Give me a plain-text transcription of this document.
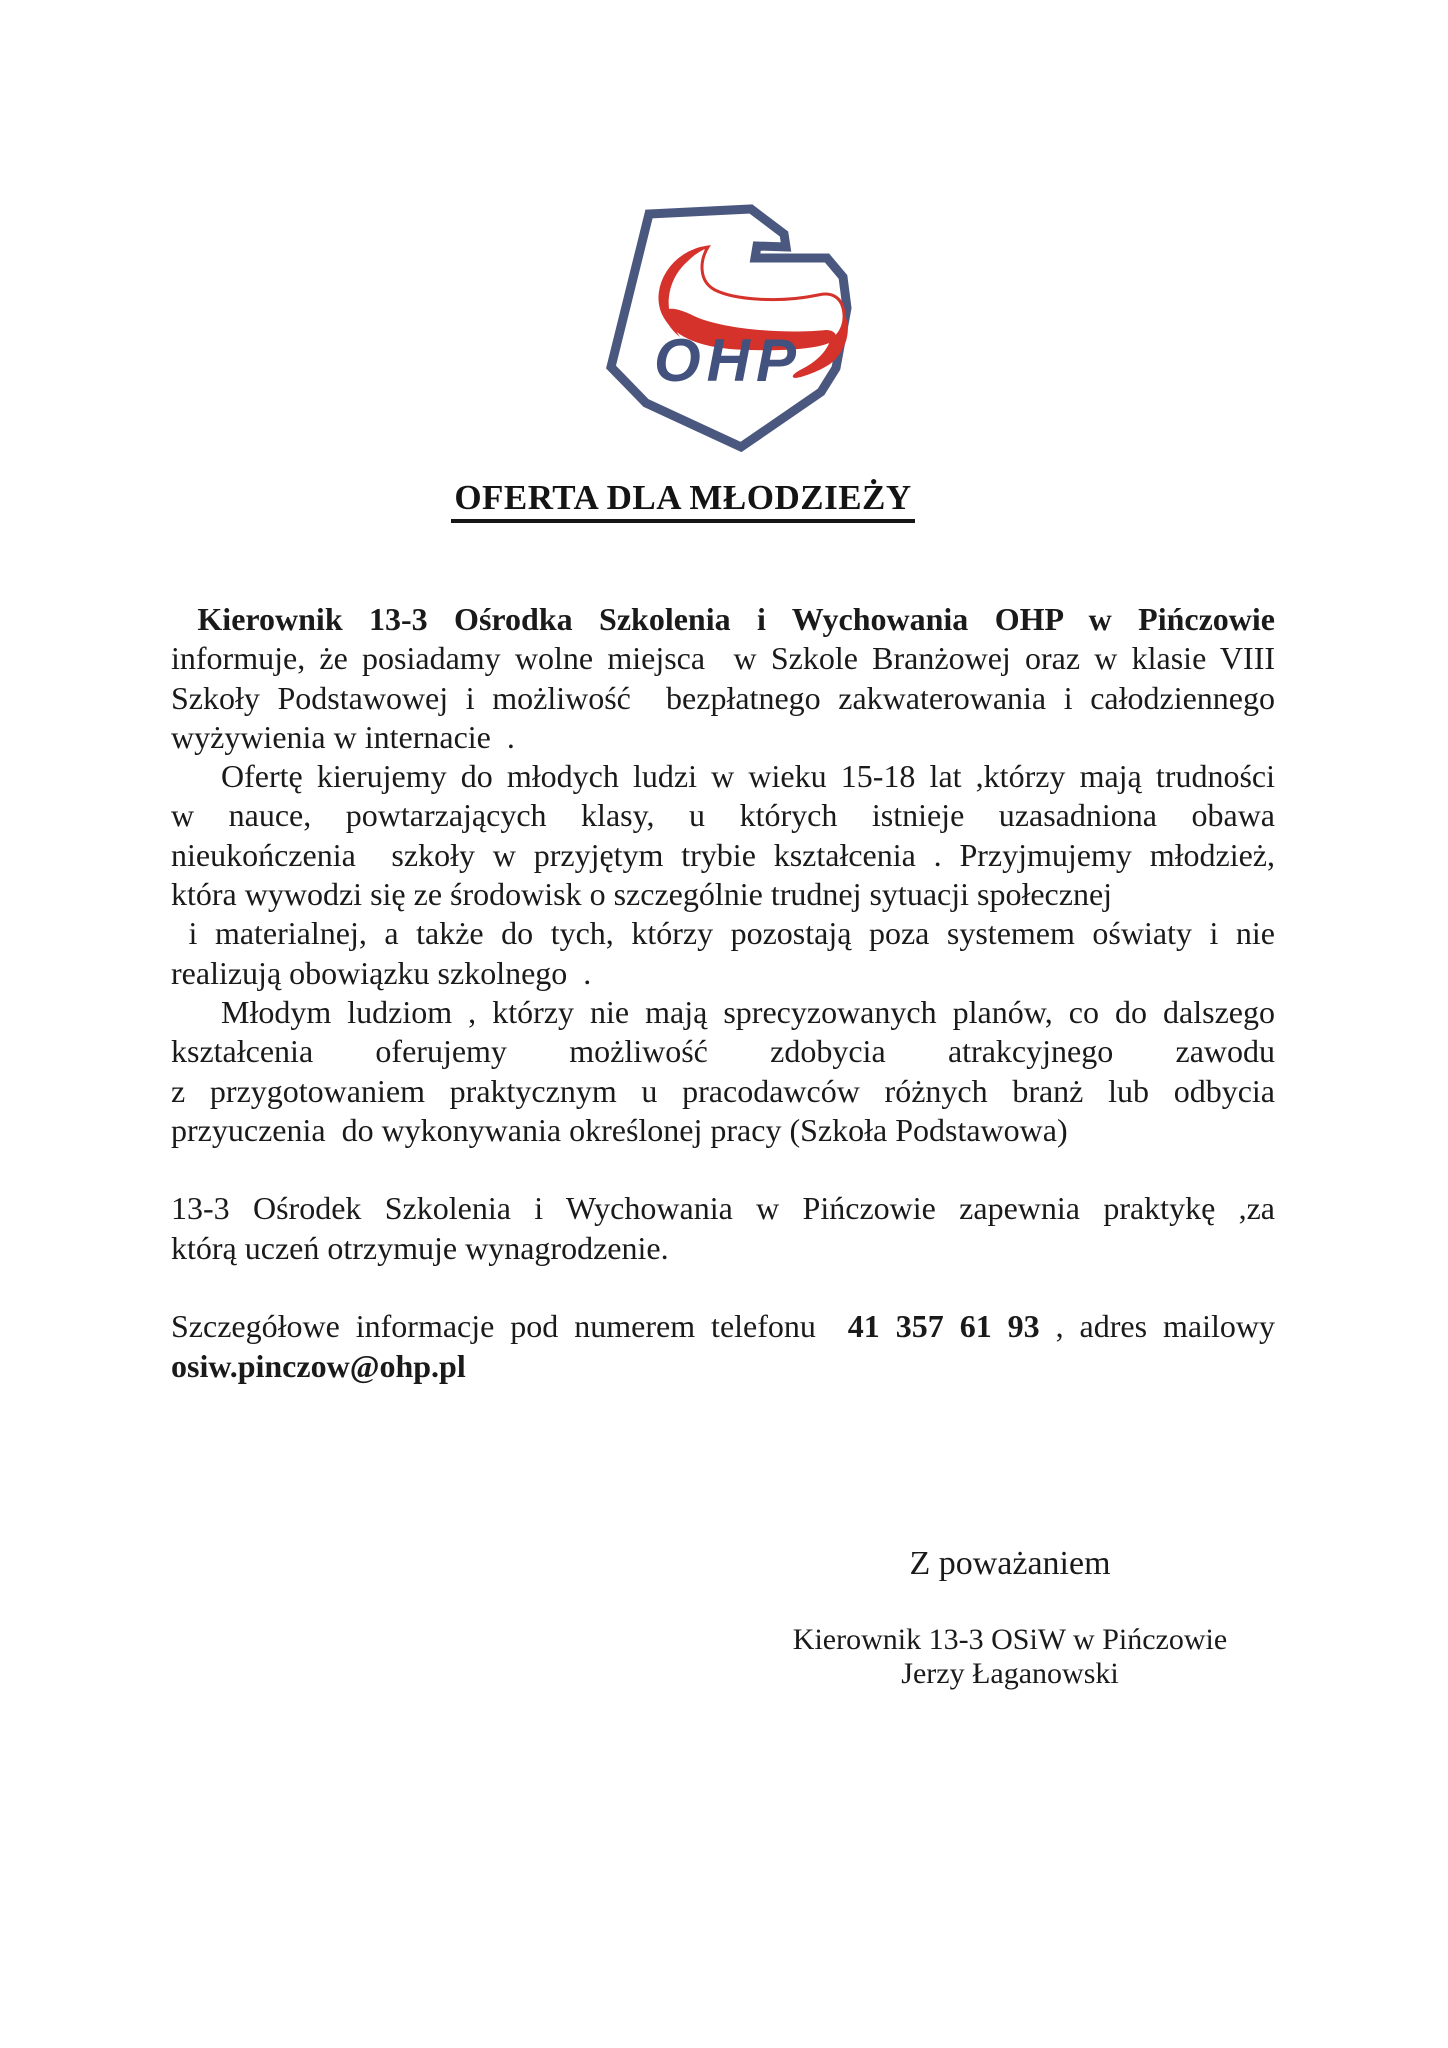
OHP
OFERTA DLA MŁODZIEŻY
Kierownik 13-3 Ośrodka Szkolenia i Wychowania OHP w Pińczowie
informuje, że posiadamy wolne miejsca  w Szkole Branżowej oraz w klasie VIII
Szkoły Podstawowej i możliwość  bezpłatnego zakwaterowania i całodziennego
wyżywienia w internacie  .
Ofertę kierujemy do młodych ludzi w wieku 15-18 lat ,którzy mają trudności
w nauce, powtarzających klasy, u których istnieje uzasadniona obawa
nieukończenia  szkoły w przyjętym trybie kształcenia . Przyjmujemy młodzież,
która wywodzi się ze środowisk o szczególnie trudnej sytuacji społecznej
i materialnej, a także do tych, którzy pozostają poza systemem oświaty i nie
realizują obowiązku szkolnego  .
Młodym ludziom , którzy nie mają sprecyzowanych planów, co do dalszego
kształcenia oferujemy możliwość zdobycia atrakcyjnego zawodu
z przygotowaniem praktycznym u pracodawców różnych branż lub odbycia
przyuczenia  do wykonywania określonej pracy (Szkoła Podstawowa)
13-3 Ośrodek Szkolenia i Wychowania w Pińczowie zapewnia praktykę ,za
którą uczeń otrzymuje wynagrodzenie.
Szczegółowe informacje pod numerem telefonu  41 357 61 93 , adres mailowy
osiw.pinczow@ohp.pl
Z poważaniem
Kierownik 13-3 OSiW w Pińczowie
Jerzy Łaganowski
